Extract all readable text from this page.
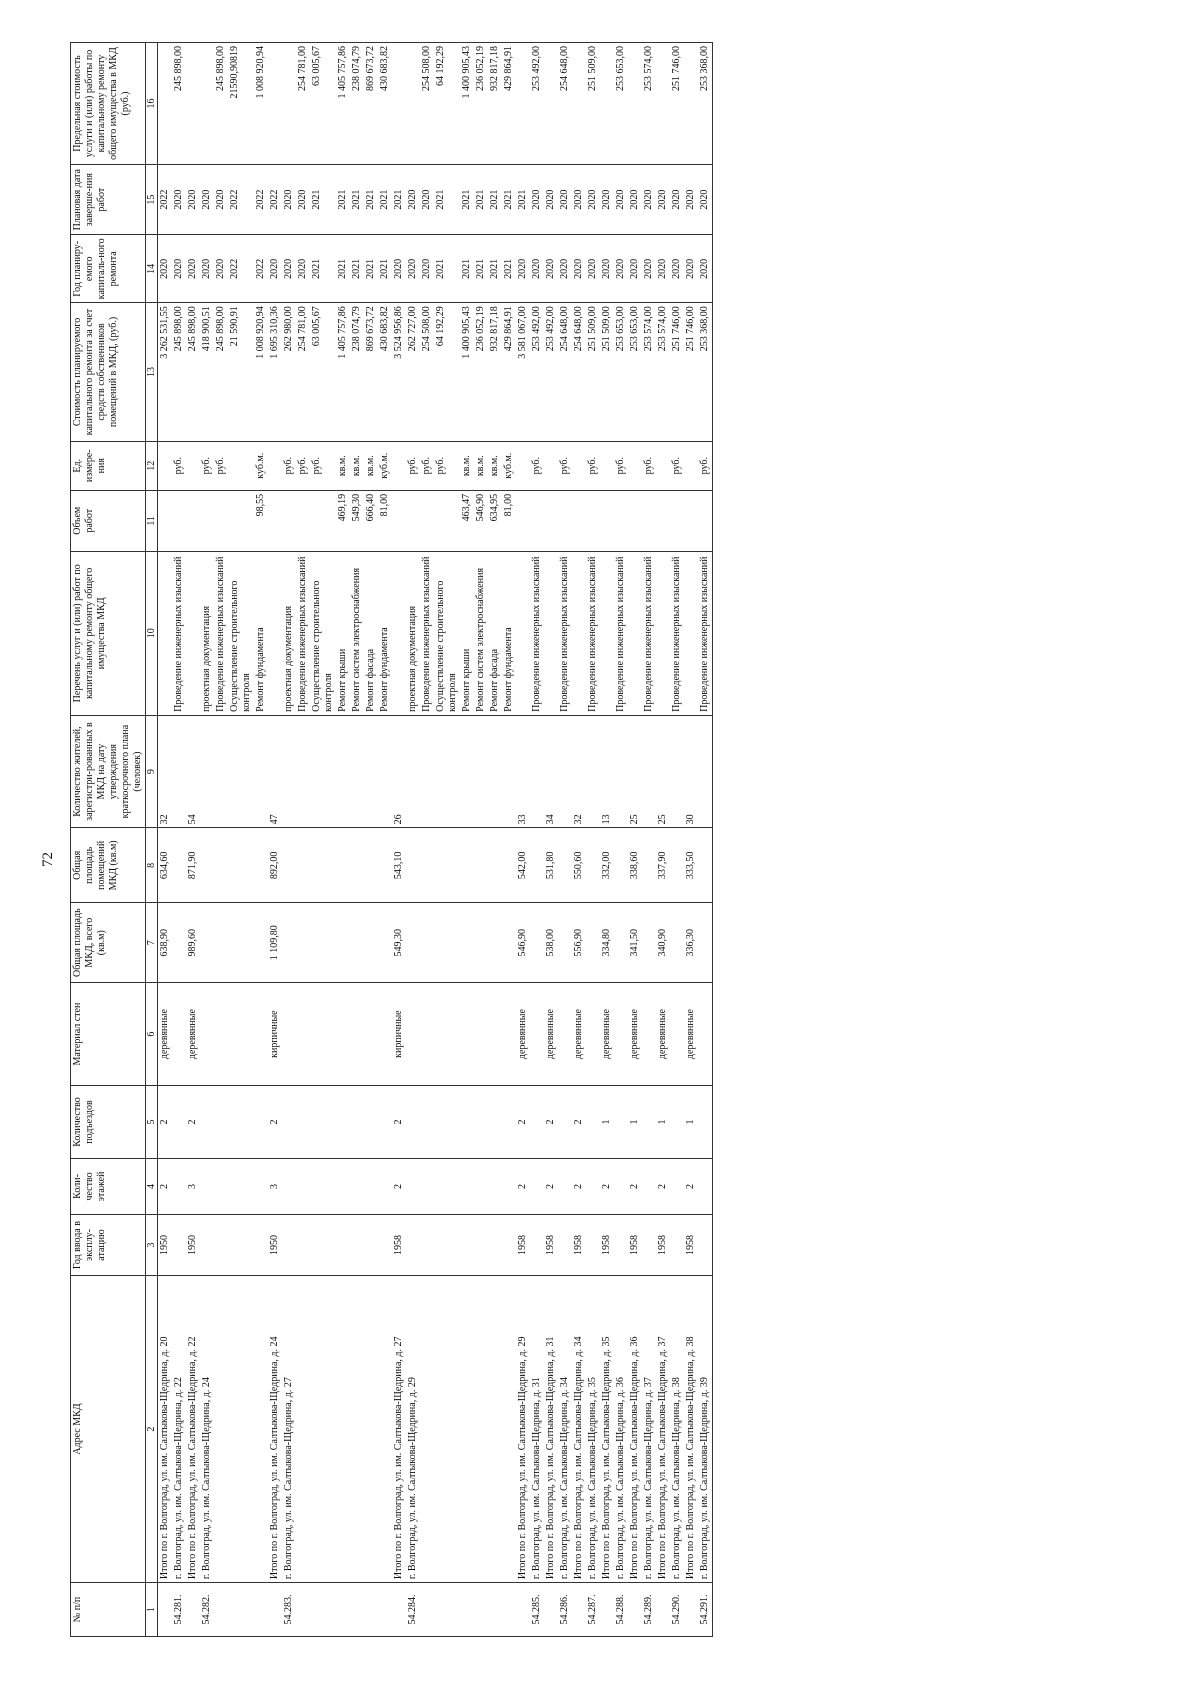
72
№ п/п	Адрес МКД	Год ввода в эксплу-атацию	Коли-чество этажей	Количество подъездов	Материал стен	Общая площадь МКД, всего (кв.м)	Общая площадь помещений МКД (кв.м)	Количество жителей, зарегистри-рованных в МКД на дату утверждения краткосрочного плана (человек)	Перечень услуг и (или) работ по капитальному ремонту общего имущества МКД	Объем работ	Ед. измере-ния	Стоимость планируемого капитального ремонта за счет средств собственников помещений в МКД, (руб.)	Год планиру-емого капиталь-ного ремонта	Плановая дата заверше-ния работ	Предельная стоимость услуги и (или) работы по капитальному ремонту общего имущества в МКД (руб.)
1	2	3	4	5	6	7	8	9	10	11	12	13	14	15	16
	Итого по г. Волгоград, ул. им. Салтыкова-Щедрина, д. 20	1950	2	2	деревянные	638,90	634,60	32				3 262 531,55	2020	2022	
54.281.	г. Волгоград, ул. им. Салтыкова-Щедрина, д. 22								Проведение инженерных изысканий		руб.	245 898,00	2020	2020	245 898,00
	Итого по г. Волгоград, ул. им. Салтыкова-Щедрина, д. 22	1950	3	2	деревянные	989,60	871,90	54				245 898,00	2020	2020	
54.282.	г. Волгоград, ул. им. Салтыкова-Щедрина, д. 24								проектная документация		руб.	418 900,51	2020	2020	
									Проведение инженерных изысканий		руб.	245 898,00	2020	2020	245 898,00
									Осуществление строительного контроля			21 590,91	2022	2022	21590,90819
									Ремонт фундамента	98,55	куб.м.	1 008 920,94	2022	2022	1 008 920,94
	Итого по г. Волгоград, ул. им. Салтыкова-Щедрина, д. 24	1950	3	2	кирпичные	1 109,80	892,00	47				1 695 310,36	2020	2022	
54.283.	г. Волгоград, ул. им. Салтыкова-Щедрина, д. 27								проектная документация		руб.	262 980,00	2020	2020	
									Проведение инженерных изысканий		руб.	254 781,00	2020	2020	254 781,00
									Осуществление строительного контроля		руб.	63 005,67	2021	2021	63 005,67
									Ремонт крыши	469,19	кв.м.	1 405 757,86	2021	2021	1 405 757,86
									Ремонт систем электроснабжения	549,30	кв.м.	238 074,79	2021	2021	238 074,79
									Ремонт фасада	666,40	кв.м.	869 673,72	2021	2021	869 673,72
									Ремонт фундамента	81,00	куб.м.	430 683,82	2021	2021	430 683,82
	Итого по г. Волгоград, ул. им. Салтыкова-Щедрина, д. 27	1958	2	2	кирпичные	549,30	543,10	26				3 524 956,86	2020	2021	
54.284.	г. Волгоград, ул. им. Салтыкова-Щедрина, д. 29								проектная документация		руб.	262 727,00	2020	2020	
									Проведение инженерных изысканий		руб.	254 508,00	2020	2020	254 508,00
									Осуществление строительного контроля		руб.	64 192,29	2021	2021	64 192,29
									Ремонт крыши	463,47	кв.м.	1 400 905,43	2021	2021	1 400 905,43
									Ремонт систем электроснабжения	546,90	кв.м.	236 052,19	2021	2021	236 052,19
									Ремонт фасада	634,95	кв.м.	932 817,18	2021	2021	932 817,18
									Ремонт фундамента	81,00	куб.м.	429 864,91	2021	2021	429 864,91
	Итого по г. Волгоград, ул. им. Салтыкова-Щедрина, д. 29	1958	2	2	деревянные	546,90	542,00	33				3 581 067,00	2020	2021	
54.285.	г. Волгоград, ул. им. Салтыкова-Щедрина, д. 31								Проведение инженерных изысканий		руб.	253 492,00	2020	2020	253 492,00
	Итого по г. Волгоград, ул. им. Салтыкова-Щедрина, д. 31	1958	2	2	деревянные	538,00	531,80	34				253 492,00	2020	2020	
54.286.	г. Волгоград, ул. им. Салтыкова-Щедрина, д. 34								Проведение инженерных изысканий		руб.	254 648,00	2020	2020	254 648,00
	Итого по г. Волгоград, ул. им. Салтыкова-Щедрина, д. 34	1958	2	2	деревянные	556,90	550,60	32				254 648,00	2020	2020	
54.287.	г. Волгоград, ул. им. Салтыкова-Щедрина, д. 35								Проведение инженерных изысканий		руб.	251 509,00	2020	2020	251 509,00
	Итого по г. Волгоград, ул. им. Салтыкова-Щедрина, д. 35	1958	2	1	деревянные	334,80	332,00	13				251 509,00	2020	2020	
54.288.	г. Волгоград, ул. им. Салтыкова-Щедрина, д. 36								Проведение инженерных изысканий		руб.	253 653,00	2020	2020	253 653,00
	Итого по г. Волгоград, ул. им. Салтыкова-Щедрина, д. 36	1958	2	1	деревянные	341,50	338,60	25				253 653,00	2020	2020	
54.289.	г. Волгоград, ул. им. Салтыкова-Щедрина, д. 37								Проведение инженерных изысканий		руб.	253 574,00	2020	2020	253 574,00
	Итого по г. Волгоград, ул. им. Салтыкова-Щедрина, д. 37	1958	2	1	деревянные	340,90	337,90	25				253 574,00	2020	2020	
54.290.	г. Волгоград, ул. им. Салтыкова-Щедрина, д. 38								Проведение инженерных изысканий		руб.	251 746,00	2020	2020	251 746,00
	Итого по г. Волгоград, ул. им. Салтыкова-Щедрина, д. 38	1958	2	1	деревянные	336,30	333,50	30				251 746,00	2020	2020	
54.291.	г. Волгоград, ул. им. Салтыкова-Щедрина, д. 39								Проведение инженерных изысканий		руб.	253 368,00	2020	2020	253 368,00
